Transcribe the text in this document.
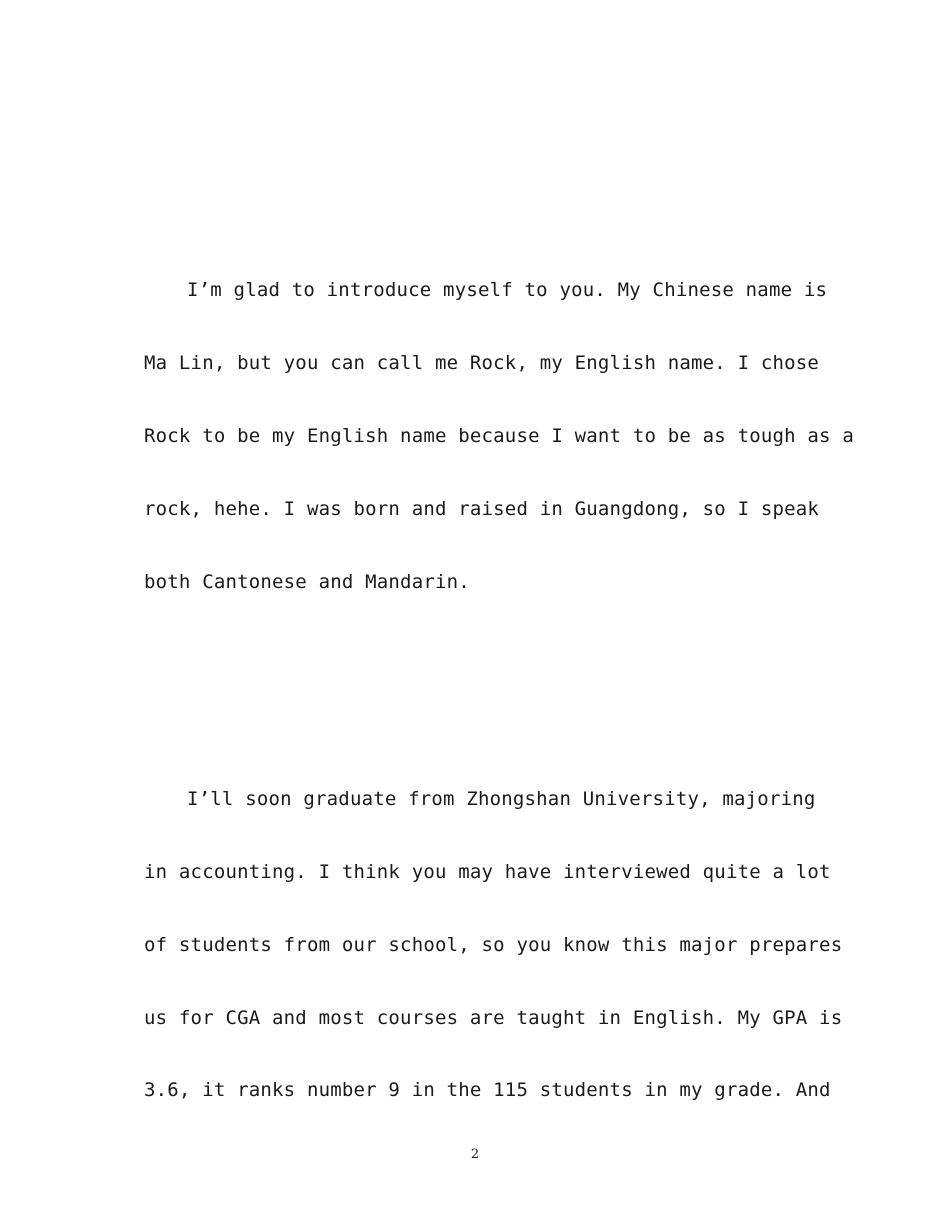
I’m glad to introduce myself to you. My Chinese name is
Ma Lin, but you can call me Rock, my English name. I chose
Rock to be my English name because I want to be as tough as a
rock, hehe. I was born and raised in Guangdong, so I speak
both Cantonese and Mandarin.
I’ll soon graduate from Zhongshan University, majoring
in accounting. I think you may have interviewed quite a lot
of students from our school, so you know this major prepares
us for CGA and most courses are taught in English. My GPA is
3.6, it ranks number 9 in the 115 students in my grade. And
2
